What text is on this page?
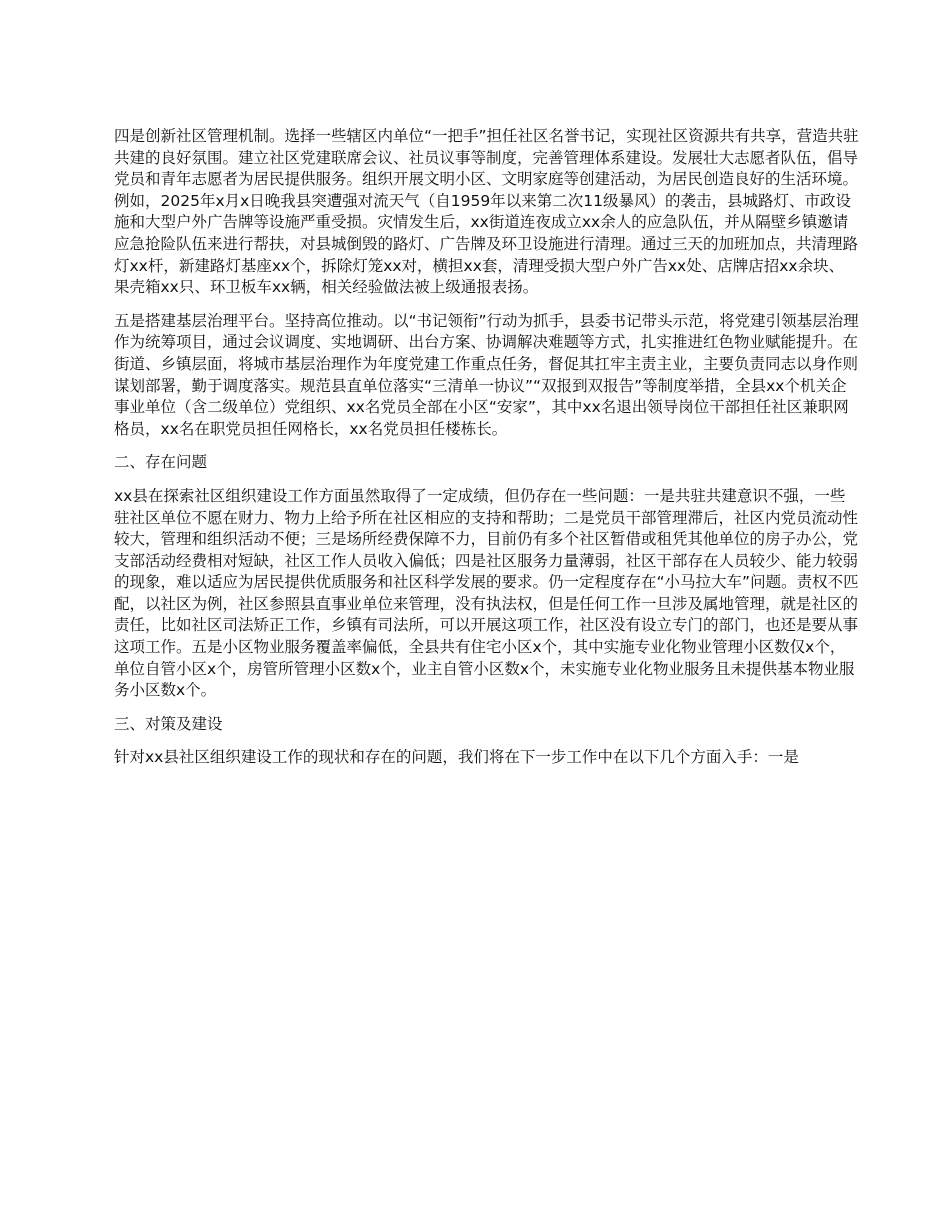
四是创新社区管理机制。选择一些辖区内单位“一把手”担任社区名誉书记，实现社区资源共有共享，营造共驻共建的良好氛围。建立社区党建联席会议、社员议事等制度，完善管理体系建设。发展壮大志愿者队伍，倡导党员和青年志愿者为居民提供服务。组织开展文明小区、文明家庭等创建活动，为居民创造良好的生活环境。例如，2025年x月x日晚我县突遭强对流天气（自1959年以来第二次11级暴风）的袭击，县城路灯、市政设施和大型户外广告牌等设施严重受损。灾情发生后，xx街道连夜成立xx余人的应急队伍，并从隔壁乡镇邀请应急抢险队伍来进行帮扶，对县城倒毁的路灯、广告牌及环卫设施进行清理。通过三天的加班加点，共清理路灯xx杆，新建路灯基座xx个，拆除灯笼xx对，横担xx套，清理受损大型户外广告xx处、店牌店招xx余块、果壳箱xx只、环卫板车xx辆，相关经验做法被上级通报表扬。

五是搭建基层治理平台。坚持高位推动。以“书记领衔”行动为抓手，县委书记带头示范，将党建引领基层治理作为统筹项目，通过会议调度、实地调研、出台方案、协调解决难题等方式，扎实推进红色物业赋能提升。在街道、乡镇层面，将城市基层治理作为年度党建工作重点任务，督促其扛牢主责主业，主要负责同志以身作则谋划部署，勤于调度落实。规范县直单位落实“三清单一协议”“双报到双报告”等制度举措，全县xx个机关企事业单位（含二级单位）党组织、xx名党员全部在小区“安家”，其中xx名退出领导岗位干部担任社区兼职网格员，xx名在职党员担任网格长，xx名党员担任楼栋长。

二、存在问题

xx县在探索社区组织建设工作方面虽然取得了一定成绩，但仍存在一些问题：一是共驻共建意识不强，一些驻社区单位不愿在财力、物力上给予所在社区相应的支持和帮助；二是党员干部管理滞后，社区内党员流动性较大，管理和组织活动不便；三是场所经费保障不力，目前仍有多个社区暂借或租凭其他单位的房子办公，党支部活动经费相对短缺，社区工作人员收入偏低；四是社区服务力量薄弱，社区干部存在人员较少、能力较弱的现象，难以适应为居民提供优质服务和社区科学发展的要求。仍一定程度存在“小马拉大车”问题。责权不匹配，以社区为例，社区参照县直事业单位来管理，没有执法权，但是任何工作一旦涉及属地管理，就是社区的责任，比如社区司法矫正工作，乡镇有司法所，可以开展这项工作，社区没有设立专门的部门，也还是要从事这项工作。五是小区物业服务覆盖率偏低，全县共有住宅小区x个，其中实施专业化物业管理小区数仅x个，单位自管小区x个，房管所管理小区数x个，业主自管小区数x个，未实施专业化物业服务且未提供基本物业服务小区数x个。

三、对策及建设

针对xx县社区组织建设工作的现状和存在的问题，我们将在下一步工作中在以下几个方面入手：一是
